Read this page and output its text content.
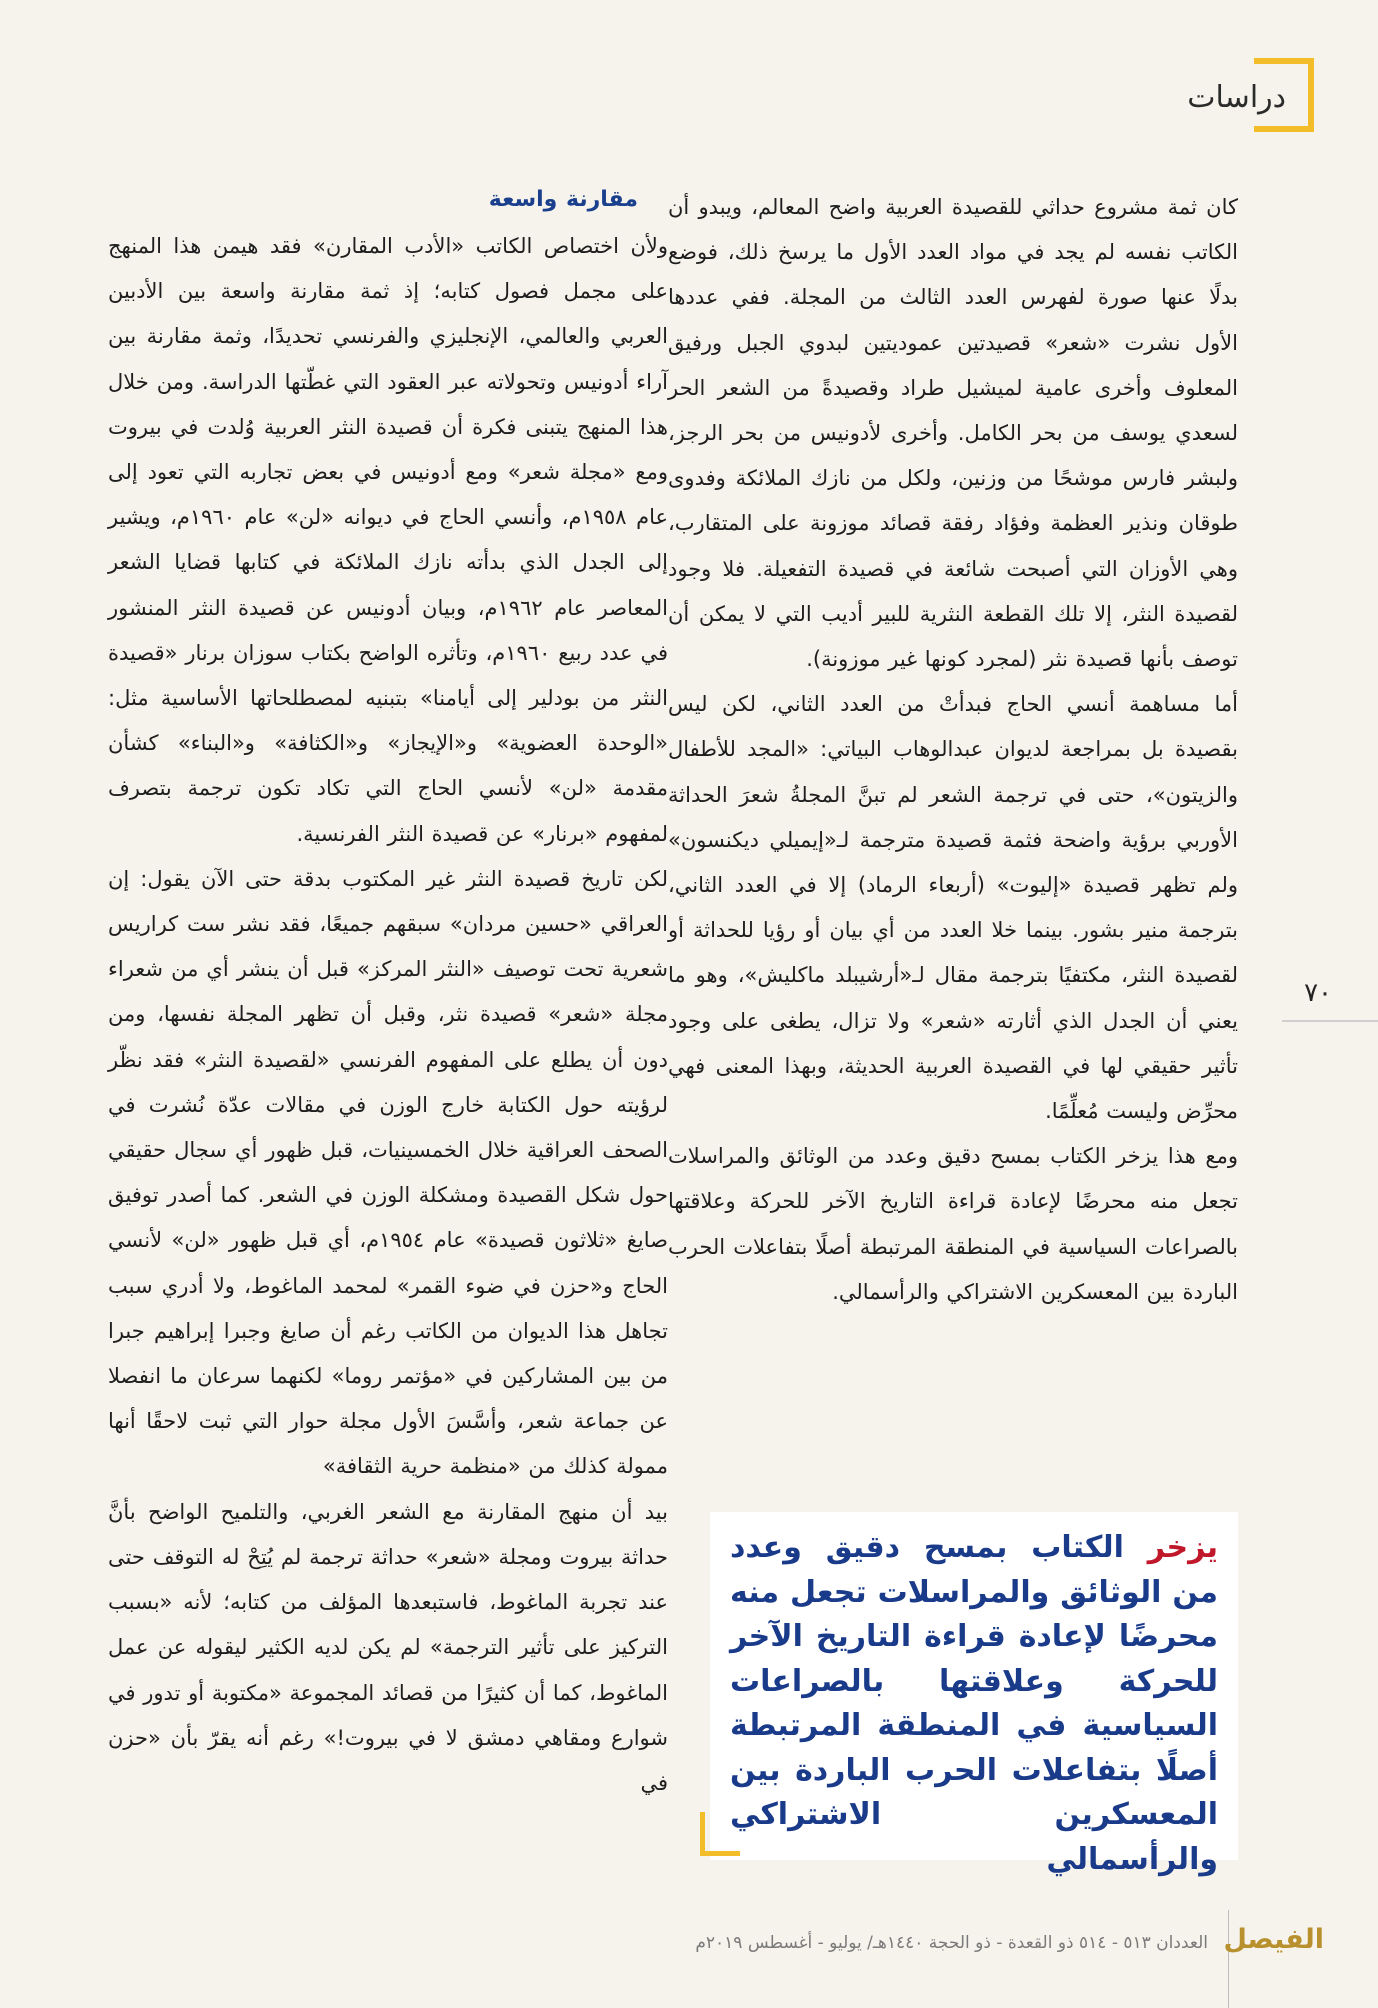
دراسات

كان ثمة مشروع حداثي للقصيدة العربية واضح المعالم، ويبدو أن الكاتب نفسه لم يجد في مواد العدد الأول ما يرسخ ذلك، فوضع بدلًا عنها صورة لفهرس العدد الثالث من المجلة. ففي عددها الأول نشرت «شعر» قصيدتين عموديتين لبدوي الجبل ورفيق المعلوف وأخرى عامية لميشيل طراد وقصيدةً من الشعر الحر لسعدي يوسف من بحر الكامل. وأخرى لأدونيس من بحر الرجز، ولبشر فارس موشحًا من وزنين، ولكل من نازك الملائكة وفدوى طوقان ونذير العظمة وفؤاد رفقة قصائد موزونة على المتقارب، وهي الأوزان التي أصبحت شائعة في قصيدة التفعيلة. فلا وجود لقصيدة النثر، إلا تلك القطعة النثرية للبير أديب التي لا يمكن أن توصف بأنها قصيدة نثر (لمجرد كونها غير موزونة).

أما مساهمة أنسي الحاج فبدأتْ من العدد الثاني، لكن ليس بقصيدة بل بمراجعة لديوان عبدالوهاب البياتي: «المجد للأطفال والزيتون»، حتى في ترجمة الشعر لم تبنَّ المجلةُ شعرَ الحداثة الأوربي برؤية واضحة فثمة قصيدة مترجمة لـ«إيميلي ديكنسون» ولم تظهر قصيدة «إليوت» (أربعاء الرماد) إلا في العدد الثاني، بترجمة منير بشور. بينما خلا العدد من أي بيان أو رؤيا للحداثة أو لقصيدة النثر، مكتفيًا بترجمة مقال لـ«أرشيبلد ماكليش»، وهو ما يعني أن الجدل الذي أثارته «شعر» ولا تزال، يطغى على وجود تأثير حقيقي لها في القصيدة العربية الحديثة، وبهذا المعنى فهي محرِّض وليست مُعلِّمًا.

ومع هذا يزخر الكتاب بمسح دقيق وعدد من الوثائق والمراسلات تجعل منه محرضًا لإعادة قراءة التاريخ الآخر للحركة وعلاقتها بالصراعات السياسية في المنطقة المرتبطة أصلًا بتفاعلات الحرب الباردة بين المعسكرين الاشتراكي والرأسمالي.

مقارنة واسعة

ولأن اختصاص الكاتب «الأدب المقارن» فقد هيمن هذا المنهج على مجمل فصول كتابه؛ إذ ثمة مقارنة واسعة بين الأدبين العربي والعالمي، الإنجليزي والفرنسي تحديدًا، وثمة مقارنة بين آراء أدونيس وتحولاته عبر العقود التي غطّتها الدراسة. ومن خلال هذا المنهج يتبنى فكرة أن قصيدة النثر العربية وُلدت في بيروت ومع «مجلة شعر» ومع أدونيس في بعض تجاربه التي تعود إلى عام ١٩٥٨م، وأنسي الحاج في ديوانه «لن» عام ١٩٦٠م، ويشير إلى الجدل الذي بدأته نازك الملائكة في كتابها قضايا الشعر المعاصر عام ١٩٦٢م، وبيان أدونيس عن قصيدة النثر المنشور في عدد ربيع ١٩٦٠م، وتأثره الواضح بكتاب سوزان برنار «قصيدة النثر من بودلير إلى أيامنا» بتبنيه لمصطلحاتها الأساسية مثل: «الوحدة العضوية» و«الإيجاز» و«الكثافة» و«البناء» كشأن مقدمة «لن» لأنسي الحاج التي تكاد تكون ترجمة بتصرف لمفهوم «برنار» عن قصيدة النثر الفرنسية.

لكن تاريخ قصيدة النثر غير المكتوب بدقة حتى الآن يقول: إن العراقي «حسين مردان» سبقهم جميعًا، فقد نشر ست كراريس شعرية تحت توصيف «النثر المركز» قبل أن ينشر أي من شعراء مجلة «شعر» قصيدة نثر، وقبل أن تظهر المجلة نفسها، ومن دون أن يطلع على المفهوم الفرنسي «لقصيدة النثر» فقد نظّر لرؤيته حول الكتابة خارج الوزن في مقالات عدّة نُشرت في الصحف العراقية خلال الخمسينيات، قبل ظهور أي سجال حقيقي حول شكل القصيدة ومشكلة الوزن في الشعر. كما أصدر توفيق صايغ «ثلاثون قصيدة» عام ١٩٥٤م، أي قبل ظهور «لن» لأنسي الحاج و«حزن في ضوء القمر» لمحمد الماغوط، ولا أدري سبب تجاهل هذا الديوان من الكاتب رغم أن صايغ وجبرا إبراهيم جبرا من بين المشاركين في «مؤتمر روما» لكنهما سرعان ما انفصلا عن جماعة شعر، وأسَّسَ الأول مجلة حوار التي ثبت لاحقًا أنها ممولة كذلك من «منظمة حرية الثقافة»

بيد أن منهج المقارنة مع الشعر الغربي، والتلميح الواضح بأنَّ حداثة بيروت ومجلة «شعر» حداثة ترجمة لم يُتِحْ له التوقف حتى عند تجربة الماغوط، فاستبعدها المؤلف من كتابه؛ لأنه «بسبب التركيز على تأثير الترجمة» لم يكن لديه الكثير ليقوله عن عمل الماغوط، كما أن كثيرًا من قصائد المجموعة «مكتوبة أو تدور في شوارع ومقاهي دمشق لا في بيروت!» رغم أنه يقرّ بأن «حزن في

يزخر الكتاب بمسح دقيق وعدد من الوثائق والمراسلات تجعل منه محرضًا لإعادة قراءة التاريخ الآخر للحركة وعلاقتها بالصراعات السياسية في المنطقة المرتبطة أصلًا بتفاعلات الحرب الباردة بين المعسكرين الاشتراكي والرأسمالي
٧٠
الفيصل
العددان ٥١٣ - ٥١٤ ذو القعدة - ذو الحجة ١٤٤٠هـ/ يوليو - أغسطس ٢٠١٩م
